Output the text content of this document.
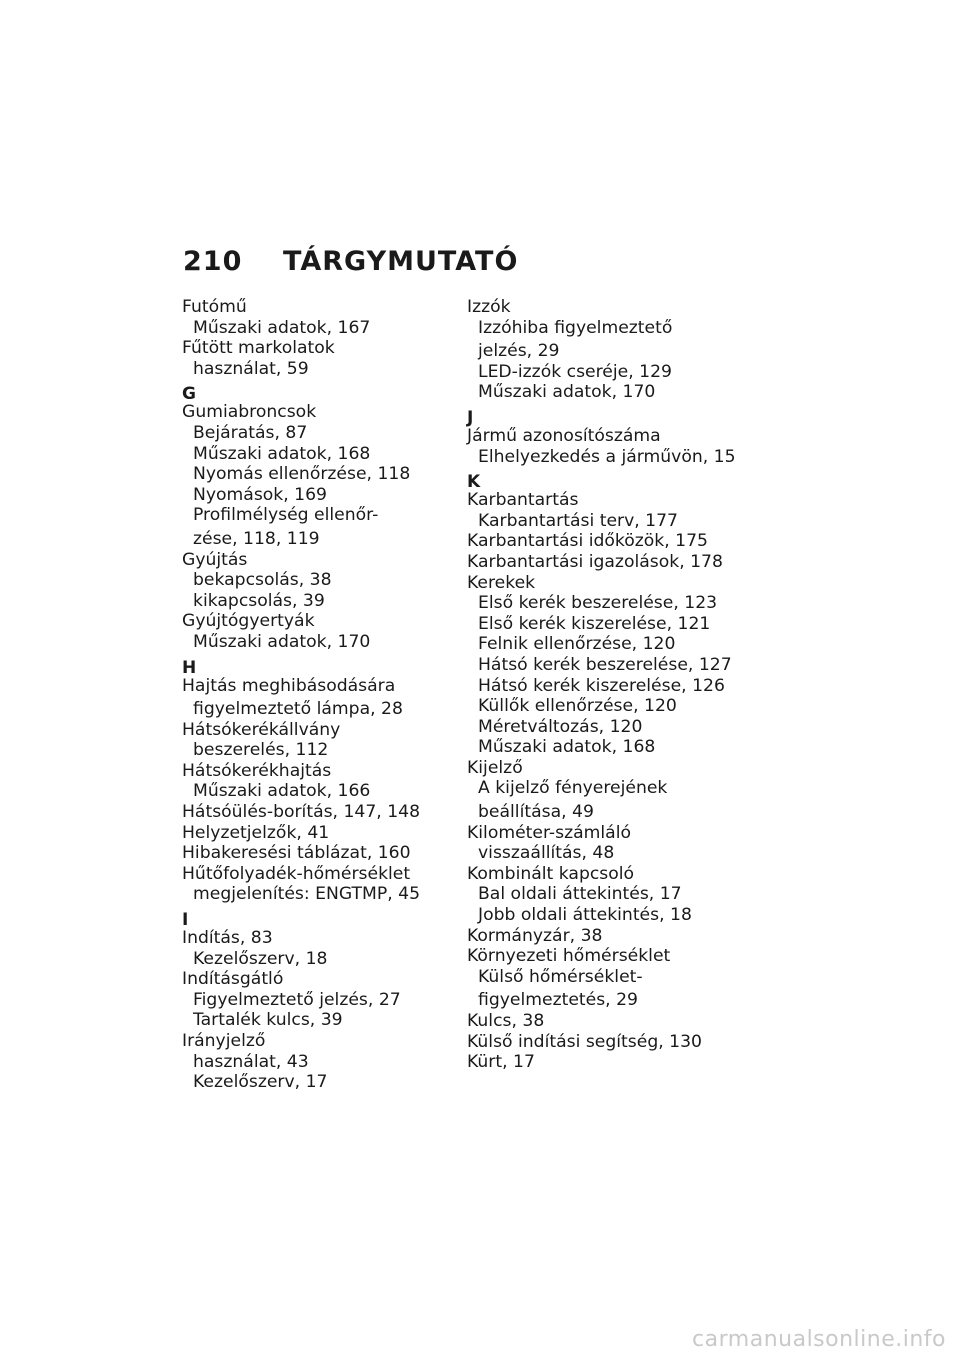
210 TÁRGYMUTATÓ
Futómű
Műszaki adatok, 167
Fűtött markolatok
használat, 59
G
Gumiabroncsok
Bejáratás, 87
Műszaki adatok, 168
Nyomás ellenőrzése, 118
Nyomások, 169
Profilmélység ellenőr-
zése, 118, 119
Gyújtás
bekapcsolás, 38
kikapcsolás, 39
Gyújtógyertyák
Műszaki adatok, 170
H
Hajtás meghibásodására
figyelmeztető lámpa, 28
Hátsókerékállvány
beszerelés, 112
Hátsókerékhajtás
Műszaki adatok, 166
Hátsóülés-borítás, 147, 148
Helyzetjelzők, 41
Hibakeresési táblázat, 160
Hűtőfolyadék-hőmérséklet
megjelenítés: ENGTMP, 45
I
Indítás, 83
Kezelőszerv, 18
Indításgátló
Figyelmeztető jelzés, 27
Tartalék kulcs, 39
Irányjelző
használat, 43
Kezelőszerv, 17
Izzók
Izzóhiba figyelmeztető
jelzés, 29
LED-izzók cseréje, 129
Műszaki adatok, 170
J
Jármű azonosítószáma
Elhelyezkedés a járművön, 15
K
Karbantartás
Karbantartási terv, 177
Karbantartási időközök, 175
Karbantartási igazolások, 178
Kerekek
Első kerék beszerelése, 123
Első kerék kiszerelése, 121
Felnik ellenőrzése, 120
Hátsó kerék beszerelése, 127
Hátsó kerék kiszerelése, 126
Küllők ellenőrzése, 120
Méretváltozás, 120
Műszaki adatok, 168
Kijelző
A kijelző fényerejének
beállítása, 49
Kilométer-számláló
visszaállítás, 48
Kombinált kapcsoló
Bal oldali áttekintés, 17
Jobb oldali áttekintés, 18
Kormányzár, 38
Környezeti hőmérséklet
Külső hőmérséklet-
figyelmeztetés, 29
Kulcs, 38
Külső indítási segítség, 130
Kürt, 17
carmanualsonline.info
